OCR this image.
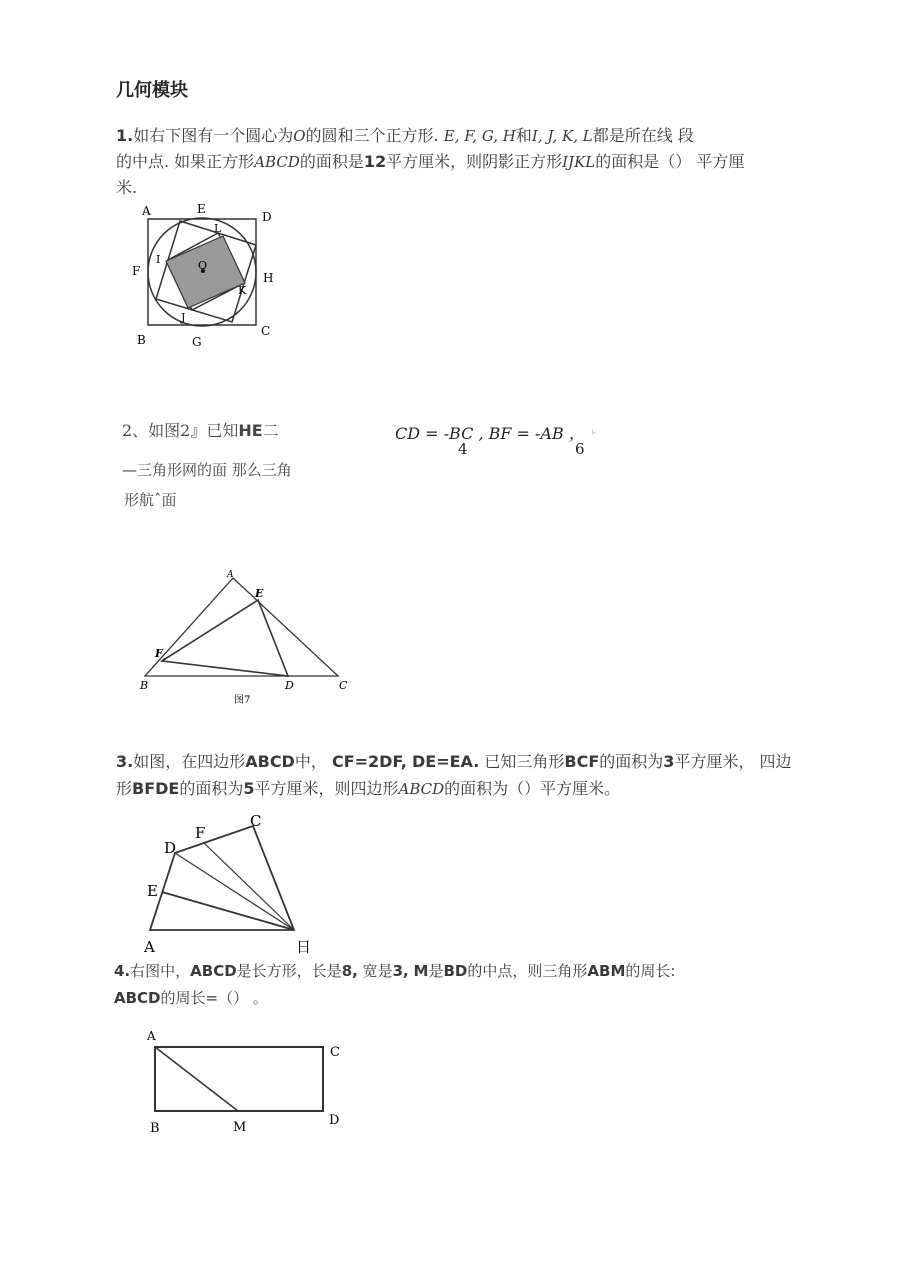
几何模块
1.如右下图有一个圆心为O的圆和三个正方形. E, F, G, H和I, J, K, L都是所在线 段
的中点. 如果正方形ABCD的面积是12平方厘米，则阴影正方形IJKL的面积是（） 平方厘
米.
A	E
D
F
I
L
O
H
K
J
C
B	G
2、如图2』已知HE二	CD = -BC , BF = -AB ，
4	6
⊦
—三角形网的面 那么三角
形航ˆ面
A
E
F
B	D	C
图7
3.如图，在四边形ABCD中， CF=2DF, DE=EA. 已知三角形BCF的面积为3平方厘米， 四边
形BFDE的面积为5平方厘米，则四边形ABCD的面积为（）平方厘米。
C
F
D
E
A	日
4.右图中，ABCD是长方形，长是8, 宽是3, M是BD的中点，则三角形ABM的周长:
ABCD的周长=（） 。
A
C
B	M	D
